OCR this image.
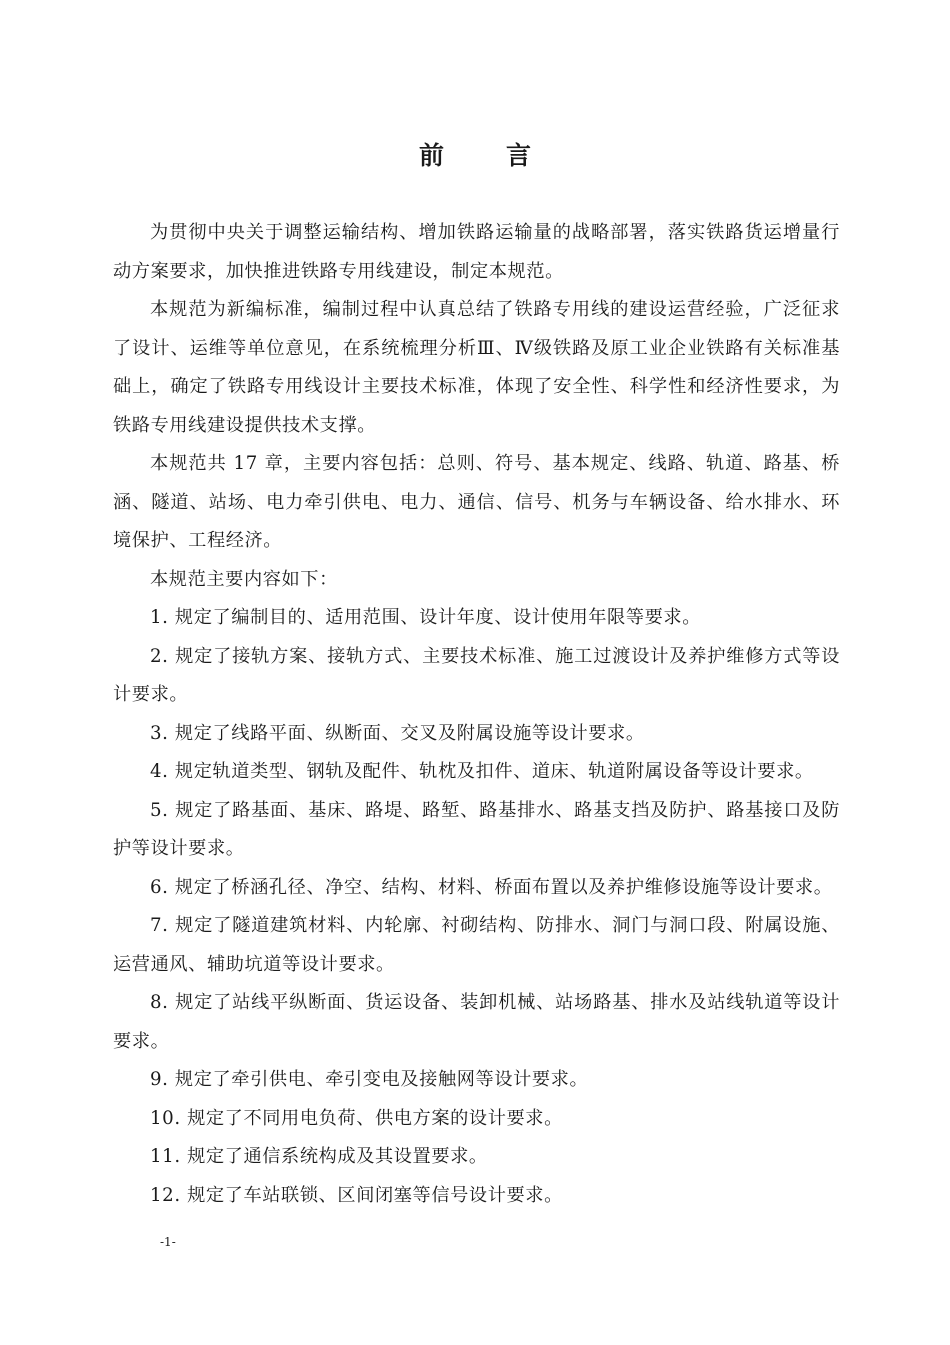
前言

为贯彻中央关于调整运输结构、增加铁路运输量的战略部署，落实铁路货运增量行动方案要求，加快推进铁路专用线建设，制定本规范。

本规范为新编标准，编制过程中认真总结了铁路专用线的建设运营经验，广泛征求了设计、运维等单位意见，在系统梳理分析Ⅲ、Ⅳ级铁路及原工业企业铁路有关标准基础上，确定了铁路专用线设计主要技术标准，体现了安全性、科学性和经济性要求，为铁路专用线建设提供技术支撑。

本规范共 17 章，主要内容包括：总则、符号、基本规定、线路、轨道、路基、桥涵、隧道、站场、电力牵引供电、电力、通信、信号、机务与车辆设备、给水排水、环境保护、工程经济。

本规范主要内容如下：

1. 规定了编制目的、适用范围、设计年度、设计使用年限等要求。

2. 规定了接轨方案、接轨方式、主要技术标准、施工过渡设计及养护维修方式等设计要求。

3. 规定了线路平面、纵断面、交叉及附属设施等设计要求。

4. 规定轨道类型、钢轨及配件、轨枕及扣件、道床、轨道附属设备等设计要求。

5. 规定了路基面、基床、路堤、路堑、路基排水、路基支挡及防护、路基接口及防护等设计要求。

6. 规定了桥涵孔径、净空、结构、材料、桥面布置以及养护维修设施等设计要求。

7. 规定了隧道建筑材料、内轮廓、衬砌结构、防排水、洞门与洞口段、附属设施、运营通风、辅助坑道等设计要求。

8. 规定了站线平纵断面、货运设备、装卸机械、站场路基、排水及站线轨道等设计要求。

9. 规定了牵引供电、牵引变电及接触网等设计要求。

10. 规定了不同用电负荷、供电方案的设计要求。

11. 规定了通信系统构成及其设置要求。

12. 规定了车站联锁、区间闭塞等信号设计要求。

-1-
